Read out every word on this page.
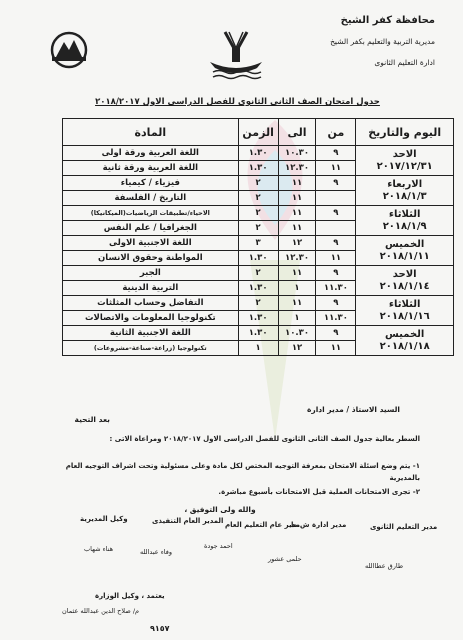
محافظة كفر الشيخ
مديرية التربية والتعليم بكفر الشيخ
ادارة التعليم الثانوى
جدول امتحان الصف الثانى الثانوى للفصل الدراسى الاول ٢٠١٨/٢٠١٧
اليوم والتاريخ	من	الى	الزمن	المادة

الاحد
٢٠١٧/١٢/٣١	٩	١٠.٣٠	١.٣٠	اللغة العربية ورقة اولى
	١١	١٢.٣٠	١.٣٠	اللغة العربية ورقة ثانية

الاربعاء
٢٠١٨/١/٣	٩	١١	٢	فيزياء / كيمياء
		١١	٢	التاريخ / الفلسفة

الثلاثاء
٢٠١٨/١/٩	٩	١١	٢	الاحياء/تطبيقات الرياضيات(الميكانيكا)
		١١	٢	الجغرافيا / علم النفس

الخميس
٢٠١٨/١/١١	٩	١٢	٣	اللغة الاجنبية الاولى
	١١	١٢.٣٠	١.٣٠	المواطنة وحقوق الانسان

الاحد
٢٠١٨/١/١٤	٩	١١	٢	الجبر
	١١.٣٠	١	١.٣٠	التربية الدينية

الثلاثاء
٢٠١٨/١/١٦	٩	١١	٢	التفاضل وحساب المثلثات
	١١.٣٠	١	١.٣٠	تكنولوجيا المعلومات والاتصالات

الخميس
٢٠١٨/١/١٨	٩	١٠.٣٠	١.٣٠	اللغة الاجنبية الثانية
	١١	١٢	١	تكنولوجيا (زراعة-صناعة-مشروعات)
بعد التحية
السيد الاستاذ / مدير ادارة
السطر بعالية جدول الصف الثانى الثانوى للفصل الدراسى الاول ٢٠١٨/٢٠١٧ ومراعاة الاتى :
١- يتم وضع اسئلة الامتحان بمعرفة التوجيه المختص لكل مادة وعلى مسئولية وتحت اشراف التوجيه العام بالمديرية
٢- تجرى الامتحانات العملية قبل الامتحانات بأسبوع مباشرة.
والله ولى التوفيق ،
مدير التعليم الثانوى
مدير ادارة ش.ط
مدير عام التعليم العام
المدير العام التنفيذى
وكيل المديرية
طارق عطاالله
حلمى عشور
احمد جودة
وفاء عبدالله
هناء شهاب
يعتمد ، وكيل الوزارة
م/ صلاح الدين عبدالله عثمان
٩١٥٧
